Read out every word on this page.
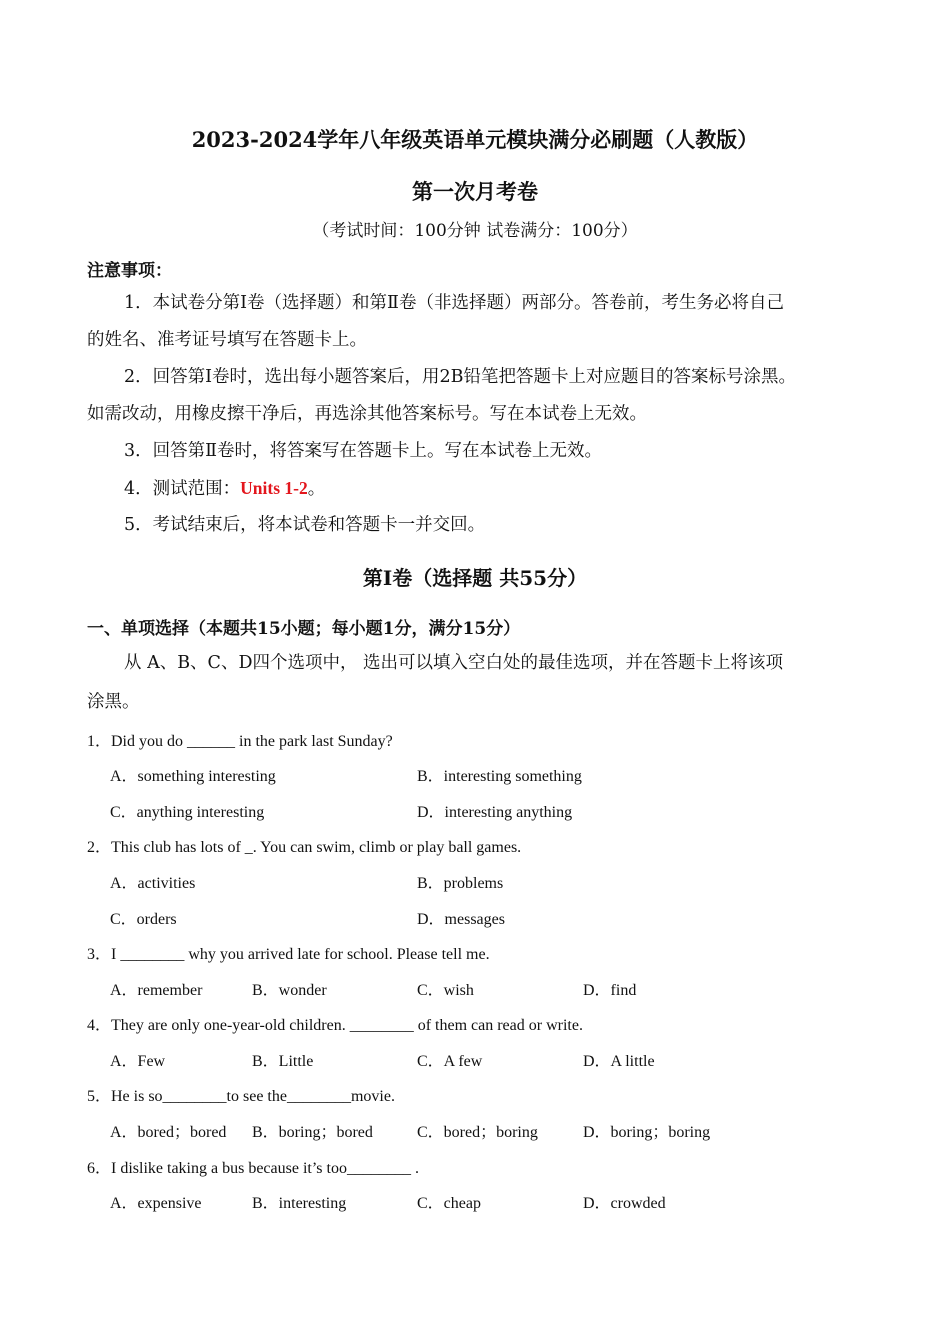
2023-2024学年八年级英语单元模块满分必刷题（人教版）
第一次月考卷
（考试时间：100分钟 试卷满分：100分）
注意事项：
1．本试卷分第Ⅰ卷（选择题）和第Ⅱ卷（非选择题）两部分。答卷前，考生务必将自己
的姓名、准考证号填写在答题卡上。
2．回答第Ⅰ卷时，选出每小题答案后，用2B铅笔把答题卡上对应题目的答案标号涂黑。
如需改动，用橡皮擦干净后，再选涂其他答案标号。写在本试卷上无效。
3．回答第Ⅱ卷时，将答案写在答题卡上。写在本试卷上无效。
4．测试范围：Units 1-2。
5．考试结束后，将本试卷和答题卡一并交回。
第I卷（选择题 共55分）
一、单项选择（本题共15小题；每小题1分，满分15分）
从 A、B、C、D四个选项中， 选出可以填入空白处的最佳选项，并在答题卡上将该项
涂黑。
1．Did you do ______ in the park last Sunday?
A．something interesting	B．interesting something
C．anything interesting	D．interesting anything
2．This club has lots of _. You can swim, climb or play ball games.
A．activities	B．problems
C．orders	D．messages
3．I ________ why you arrived late for school. Please tell me.
A．remember	B．wonder	C．wish	D．find
4．They are only one-year-old children. ________ of them can read or write.
A．Few	B．Little	C．A few	D．A little
5．He is so________to see the________movie.
A．bored；bored B．boring；bored	C．bored；boring	D．boring；boring
6．I dislike taking a bus because it’s too________ .
A．expensive	B．interesting	C．cheap	D．crowded
